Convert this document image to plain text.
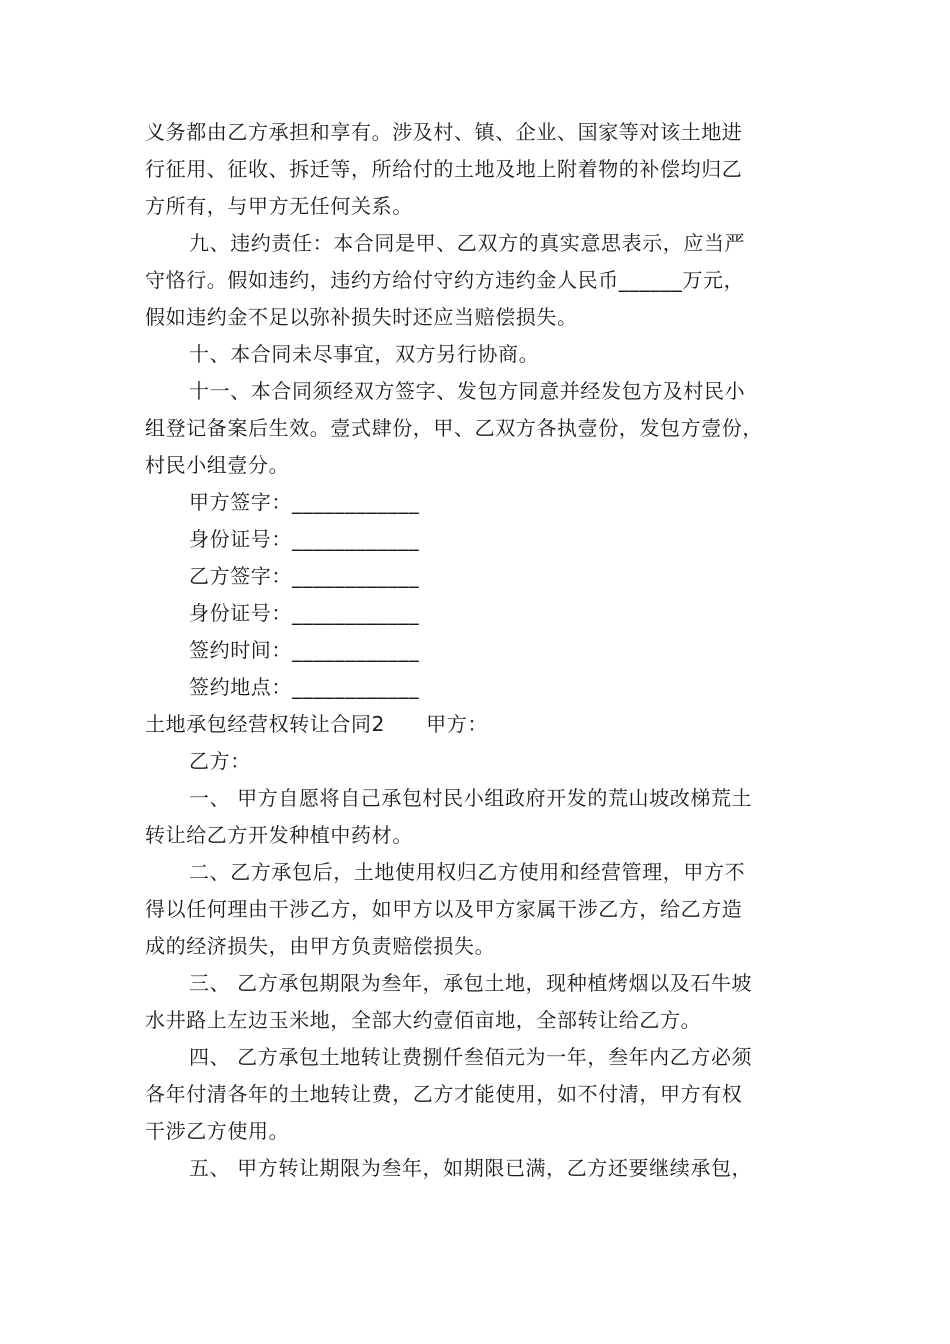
义务都由乙方承担和享有。涉及村、镇、企业、国家等对该土地进
行征用、征收、拆迁等，所给付的土地及地上附着物的补偿均归乙
方所有，与甲方无任何关系。
九、违约责任：本合同是甲、乙双方的真实意思表示，应当严
守恪行。假如违约，违约方给付守约方违约金人民币______万元，
假如违约金不足以弥补损失时还应当赔偿损失。
十、本合同未尽事宜，双方另行协商。
十一、本合同须经双方签字、发包方同意并经发包方及村民小
组登记备案后生效。壹式肆份，甲、乙双方各执壹份，发包方壹份，
村民小组壹分。
甲方签字：____________
身份证号：____________
乙方签字：____________
身份证号：____________
签约时间：____________
签约地点：____________
土地承包经营权转让合同2　　甲方：
乙方：
一、 甲方自愿将自己承包村民小组政府开发的荒山坡改梯荒土
转让给乙方开发种植中药材。
二、乙方承包后，土地使用权归乙方使用和经营管理，甲方不
得以任何理由干涉乙方，如甲方以及甲方家属干涉乙方，给乙方造
成的经济损失，由甲方负责赔偿损失。
三、 乙方承包期限为叁年，承包土地，现种植烤烟以及石牛坡
水井路上左边玉米地，全部大约壹佰亩地，全部转让给乙方。
四、 乙方承包土地转让费捌仟叁佰元为一年，叁年内乙方必须
各年付清各年的土地转让费，乙方才能使用，如不付清，甲方有权
干涉乙方使用。
五、 甲方转让期限为叁年，如期限已满，乙方还要继续承包，
